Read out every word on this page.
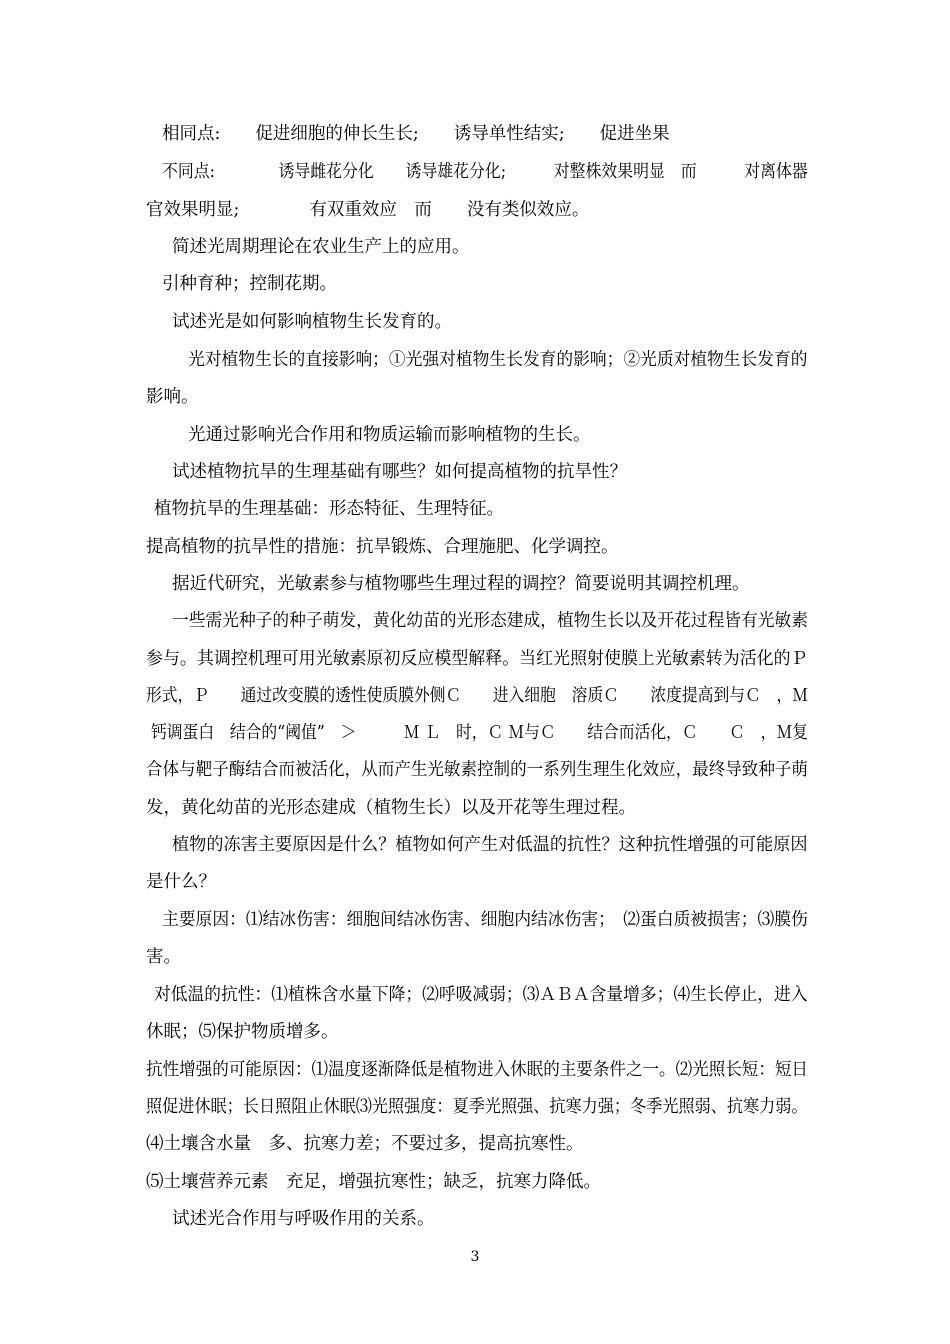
相同点:　　促进细胞的伸长生长;　　诱导单性结实;　　促进坐果
不同点:　　　　诱导雌花分化　　诱导雄花分化;　　　对整株效果明显　而　　　对离体器
官效果明显;　　　　有双重效应　而　　没有类似效应。
简述光周期理论在农业生产上的应用。
引种育种；控制花期。
试述光是如何影响植物生长发育的。
光对植物生长的直接影响；①光强对植物生长发育的影响；②光质对植物生长发育的
影响。
光通过影响光合作用和物质运输而影响植物的生长。
试述植物抗旱的生理基础有哪些？如何提高植物的抗旱性？
植物抗旱的生理基础：形态特征、生理特征。
提高植物的抗旱性的措施：抗旱锻炼、合理施肥、化学调控。
据近代研究，光敏素参与植物哪些生理过程的调控？简要说明其调控机理。
一些需光种子的种子萌发，黄化幼苗的光形态建成，植物生长以及开花过程皆有光敏素
参与。其调控机理可用光敏素原初反应模型解释。当红光照射使膜上光敏素转为活化的Ｐ
形式，Ｐ　　通过改变膜的透性使质膜外侧Ｃ　　进入细胞　溶质Ｃ　　浓度提高到与Ｃ　，Ｍ
钙调蛋白　结合的“阈值”　＞　　　Ｍ Ｌ　时，Ｃ Ｍ与Ｃ　　结合而活化，Ｃ　　Ｃ　，Ｍ复
合体与靶子酶结合而被活化，从而产生光敏素控制的一系列生理生化效应，最终导致种子萌
发，黄化幼苗的光形态建成（植物生长）以及开花等生理过程。
植物的冻害主要原因是什么？植物如何产生对低温的抗性？这种抗性增强的可能原因
是什么？
主要原因：⑴结冰伤害：细胞间结冰伤害、细胞内结冰伤害；　⑵蛋白质被损害；⑶膜伤
害。
对低温的抗性：⑴植株含水量下降；⑵呼吸减弱；⑶ＡＢＡ含量增多；⑷生长停止，进入
休眠；⑸保护物质增多。
抗性增强的可能原因：⑴温度逐渐降低是植物进入休眠的主要条件之一。⑵光照长短：短日
照促进休眠；长日照阻止休眠⑶光照强度：夏季光照强、抗寒力强；冬季光照弱、抗寒力弱。
⑷土壤含水量　多、抗寒力差；不要过多，提高抗寒性。
⑸土壤营养元素　充足，增强抗寒性；缺乏，抗寒力降低。
试述光合作用与呼吸作用的关系。
3
